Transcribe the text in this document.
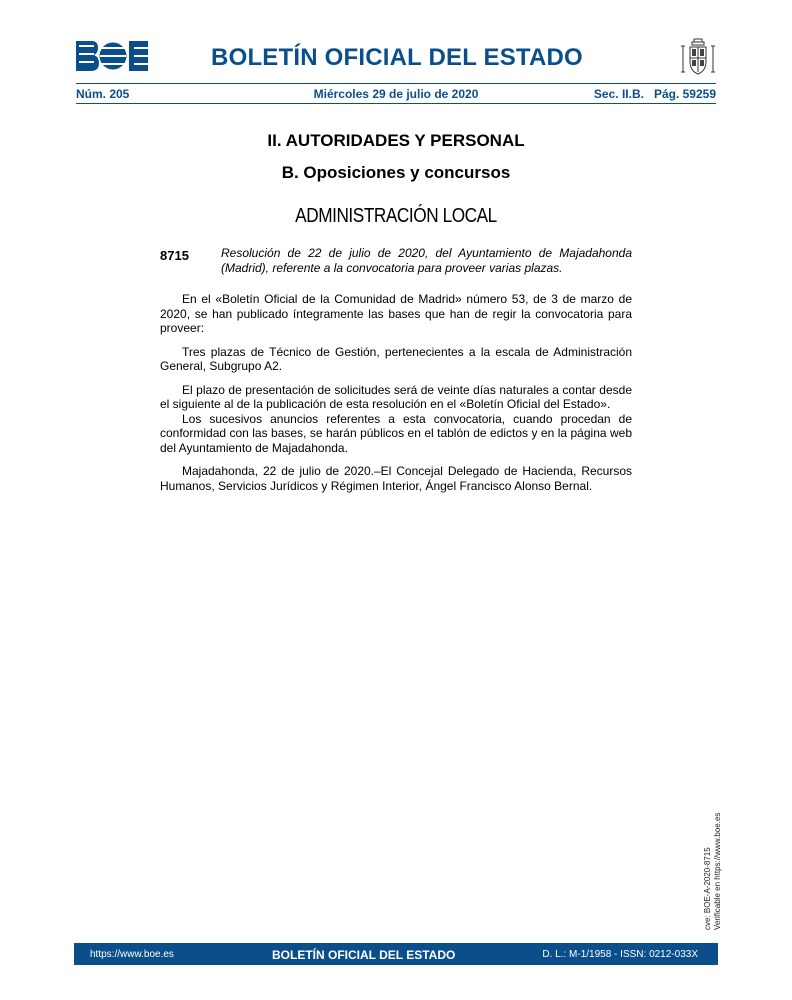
BOLETÍN OFICIAL DEL ESTADO
Núm. 205	Miércoles 29 de julio de 2020	Sec. II.B.   Pág. 59259
II. AUTORIDADES Y PERSONAL
B. Oposiciones y concursos
ADMINISTRACIÓN LOCAL
8715	Resolución de 22 de julio de 2020, del Ayuntamiento de Majadahonda (Madrid), referente a la convocatoria para proveer varias plazas.

En el «Boletín Oficial de la Comunidad de Madrid» número 53, de 3 de marzo de 2020, se han publicado íntegramente las bases que han de regir la convocatoria para proveer:

Tres plazas de Técnico de Gestión, pertenecientes a la escala de Administración General, Subgrupo A2.

El plazo de presentación de solicitudes será de veinte días naturales a contar desde el siguiente al de la publicación de esta resolución en el «Boletín Oficial del Estado».

Los sucesivos anuncios referentes a esta convocatoria, cuando procedan de conformidad con las bases, se harán públicos en el tablón de edictos y en la página web del Ayuntamiento de Majadahonda.

Majadahonda, 22 de julio de 2020.–El Concejal Delegado de Hacienda, Recursos Humanos, Servicios Jurídicos y Régimen Interior, Ángel Francisco Alonso Bernal.

cve: BOE-A-2020-8715 Verificable en https://www.boe.es
https://www.boe.es	BOLETÍN OFICIAL DEL ESTADO	D. L.: M-1/1958 - ISSN: 0212-033X
